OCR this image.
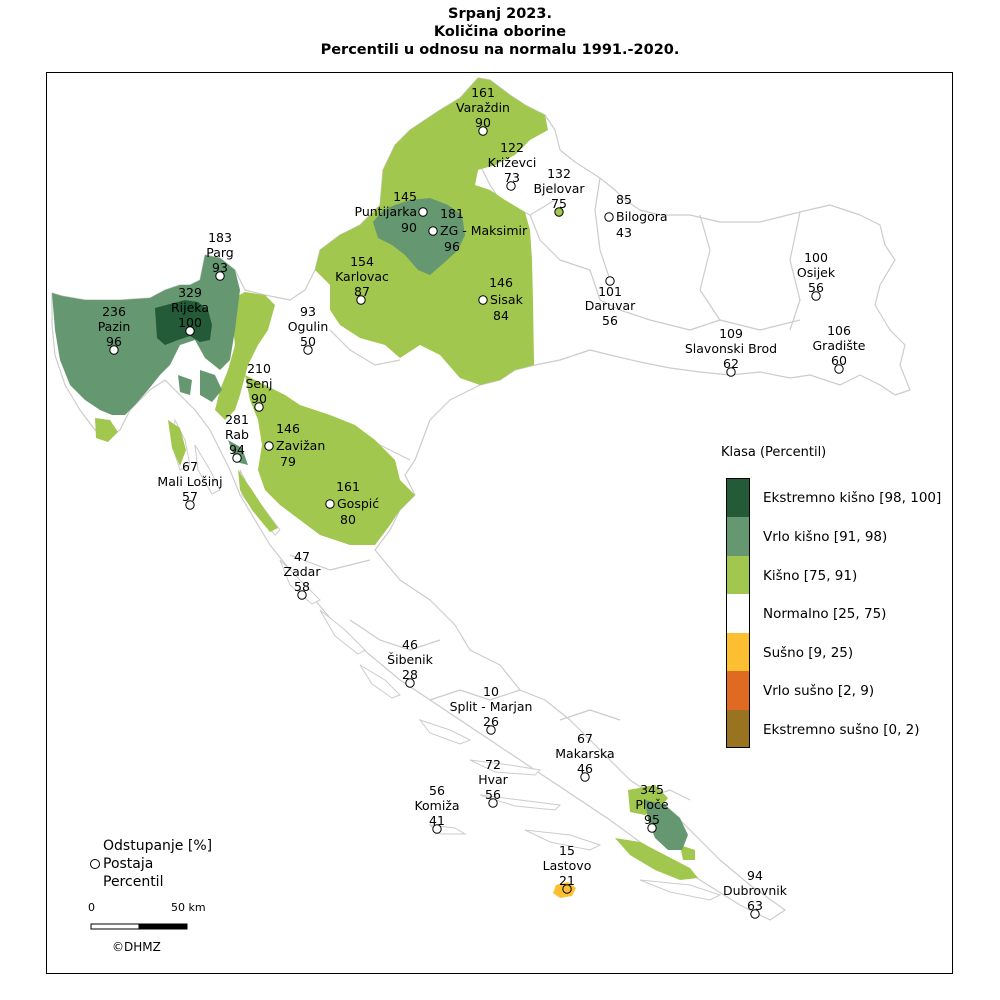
Srpanj 2023.
Količina oborine
Percentili u odnosu na normalu 1991.-2020.
161
Varaždin
90
122
Križevci
73 132
Bjelovar
75	85
Bilogora
43
145
Puntijarka
90
181
ZG - Maksimir
96
183
Parg
93	154
Karlovac
87
146
Sisak
84
101
Daruvar
56
100
Osijek
56
236
Pazin
96
329
Rijeka
100
93
Ogulin
50
109
Slavonski Brod
62
106
Gradište
60
210
Senj
90
281
Rab
94
146
Zavižan
79
67
Mali Lošinj
57
161
Gospić
80
47
Zadar
58
46
Šibenik
28
10
Split - Marjan
26
67
Makarska
46
72
Hvar
56
56
Komiža
41
345
Ploče
95
15
Lastovo
21	94
Dubrovnik
63
Klasa (Percentil)
Ekstremno kišno [98, 100]
Vrlo kišno [91, 98)
Kišno [75, 91)
Normalno [25, 75)
Sušno [9, 25)
Vrlo sušno [2, 9)
Ekstremno sušno [0, 2)
Odstupanje [%]
Postaja
Percentil
0	50 km
©DHMZ
